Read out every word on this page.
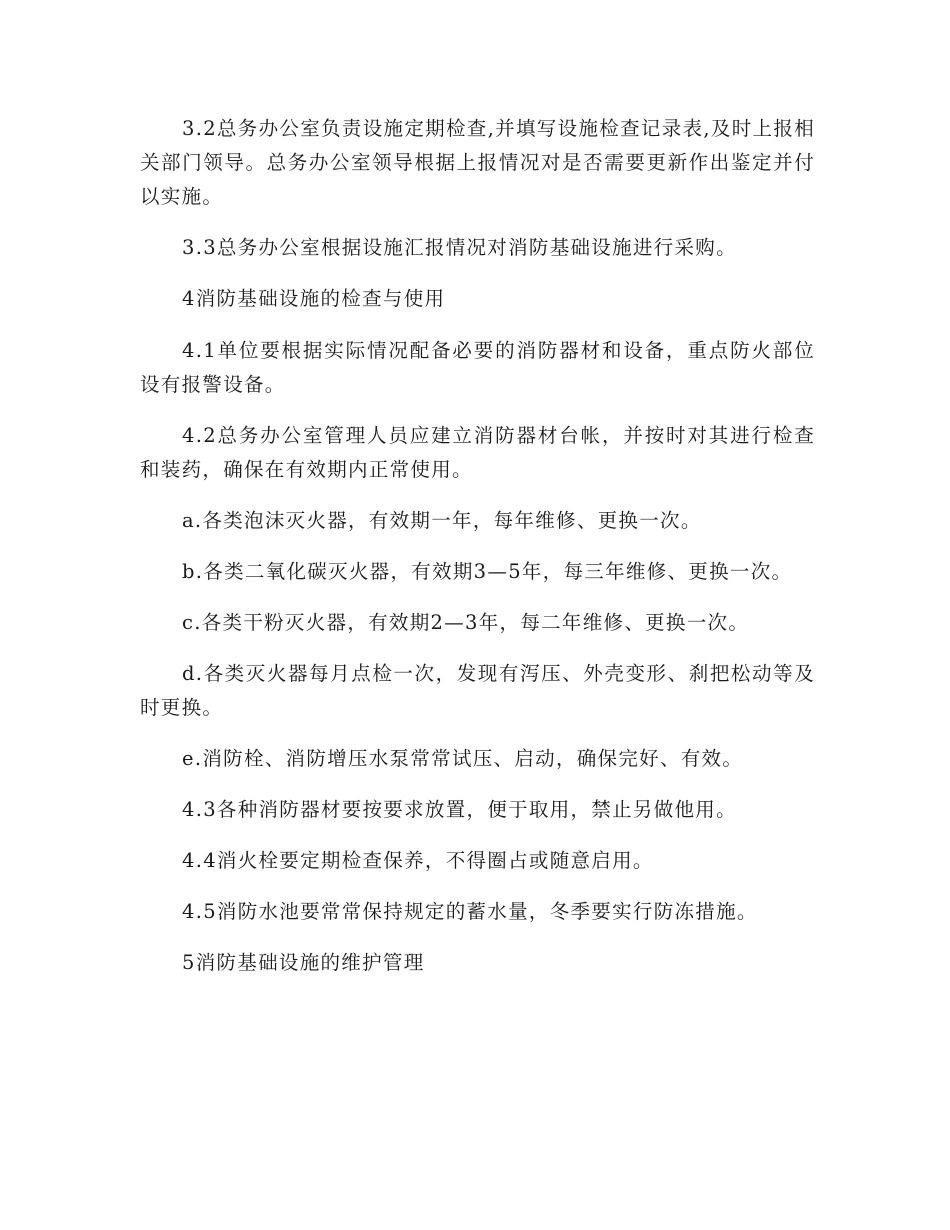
3.2总务办公室负责设施定期检查,并填写设施检查记录表,及时上报相关部门领导。总务办公室领导根据上报情况对是否需要更新作出鉴定并付以实施。

3.3总务办公室根据设施汇报情况对消防基础设施进行采购。

4消防基础设施的检查与使用

4.1单位要根据实际情况配备必要的消防器材和设备，重点防火部位设有报警设备。

4.2总务办公室管理人员应建立消防器材台帐，并按时对其进行检查和装药，确保在有效期内正常使用。

a.各类泡沫灭火器，有效期一年，每年维修、更换一次。

b.各类二氧化碳灭火器，有效期3—5年，每三年维修、更换一次。

c.各类干粉灭火器，有效期2—3年，每二年维修、更换一次。

d.各类灭火器每月点检一次，发现有泻压、外壳变形、刹把松动等及时更换。

e.消防栓、消防增压水泵常常试压、启动，确保完好、有效。

4.3各种消防器材要按要求放置，便于取用，禁止另做他用。

4.4消火栓要定期检查保养，不得圈占或随意启用。

4.5消防水池要常常保持规定的蓄水量，冬季要实行防冻措施。

5消防基础设施的维护管理
